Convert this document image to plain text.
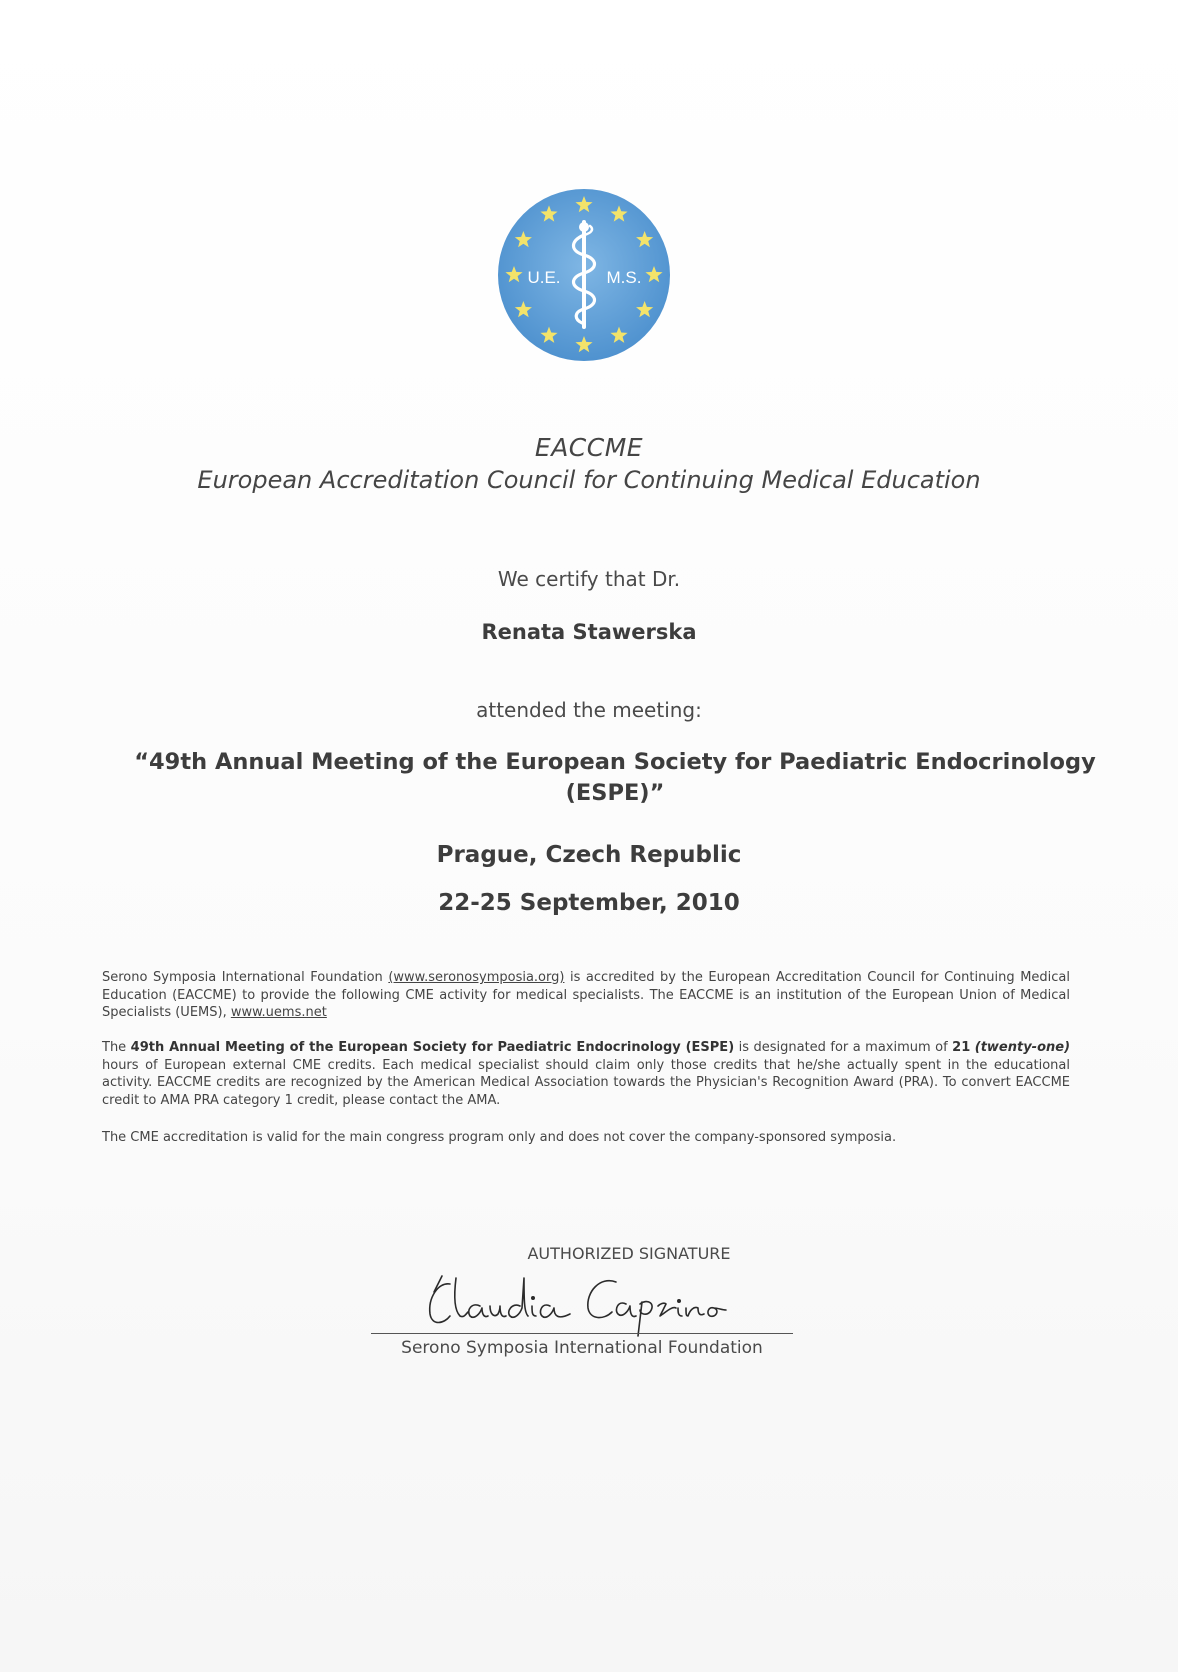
U.E.	M.S.
EACCME
European Accreditation Council for Continuing Medical Education
We certify that Dr.
Renata Stawerska
attended the meeting:
“49th Annual Meeting of the European Society for Paediatric Endocrinology (ESPE)”
Prague, Czech Republic
22-25 September, 2010

Serono Symposia International Foundation (www.seronosymposia.org) is accredited by the European Accreditation Council for Continuing Medical Education (EACCME) to provide the following CME activity for medical specialists. The EACCME is an institution of the European Union of Medical Specialists (UEMS), www.uems.net

The 49th Annual Meeting of the European Society for Paediatric Endocrinology (ESPE) is designated for a maximum of 21 (twenty-one) hours of European external CME credits. Each medical specialist should claim only those credits that he/she actually spent in the educational activity. EACCME credits are recognized by the American Medical Association towards the Physician's Recognition Award (PRA). To convert EACCME credit to AMA PRA category 1 credit, please contact the AMA.

The CME accreditation is valid for the main congress program only and does not cover the company-sponsored symposia.

AUTHORIZED SIGNATURE
Serono Symposia International Foundation
